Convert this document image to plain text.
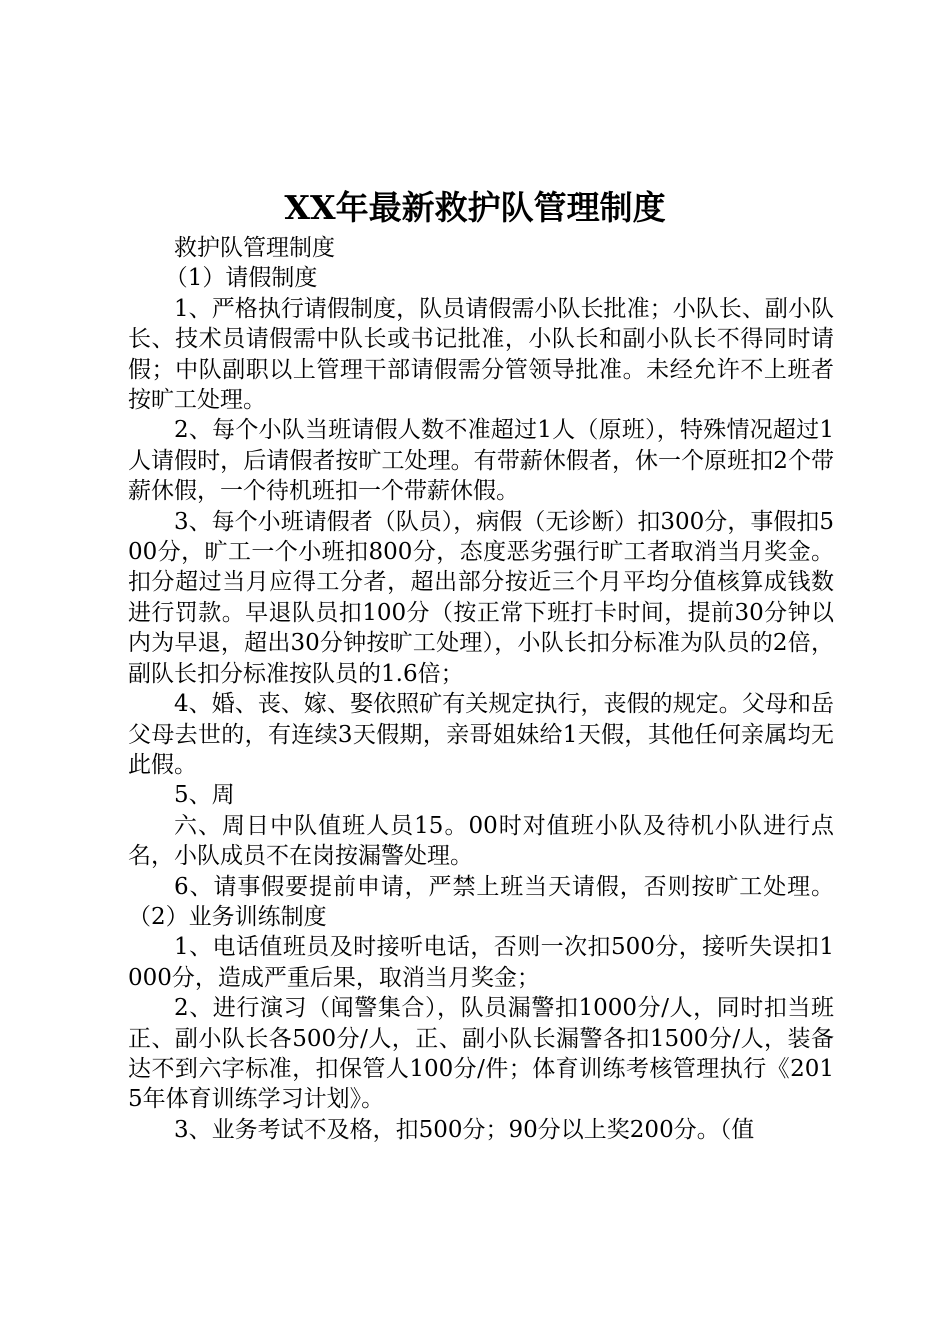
XX年最新救护队管理制度

救护队管理制度

（1）请假制度

1、严格执行请假制度，队员请假需小队长批准；小队长、副小队长、技术员请假需中队长或书记批准，小队长和副小队长不得同时请假；中队副职以上管理干部请假需分管领导批准。未经允许不上班者按旷工处理。

2、每个小队当班请假人数不准超过1人（原班），特殊情况超过1人请假时，后请假者按旷工处理。有带薪休假者，休一个原班扣2个带薪休假，一个待机班扣一个带薪休假。

3、每个小班请假者（队员），病假（无诊断）扣300分，事假扣500分，旷工一个小班扣800分，态度恶劣强行旷工者取消当月奖金。扣分超过当月应得工分者，超出部分按近三个月平均分值核算成钱数进行罚款。早退队员扣100分（按正常下班打卡时间，提前30分钟以内为早退，超出30分钟按旷工处理），小队长扣分标准为队员的2倍，副队长扣分标准按队员的1.6倍；

4、婚、丧、嫁、娶依照矿有关规定执行，丧假的规定。父母和岳父母去世的，有连续3天假期，亲哥姐妹给1天假，其他任何亲属均无此假。

5、周

六、周日中队值班人员15。00时对值班小队及待机小队进行点名，小队成员不在岗按漏警处理。

6、请事假要提前申请，严禁上班当天请假，否则按旷工处理。（2）业务训练制度

1、电话值班员及时接听电话，否则一次扣500分，接听失误扣1000分，造成严重后果，取消当月奖金；

2、进行演习（闻警集合），队员漏警扣1000分/人，同时扣当班正、副小队长各500分/人，正、副小队长漏警各扣1500分/人，装备达不到六字标准，扣保管人100分/件；体育训练考核管理执行《2015年体育训练学习计划》。

3、业务考试不及格，扣500分；90分以上奖200分。（值
